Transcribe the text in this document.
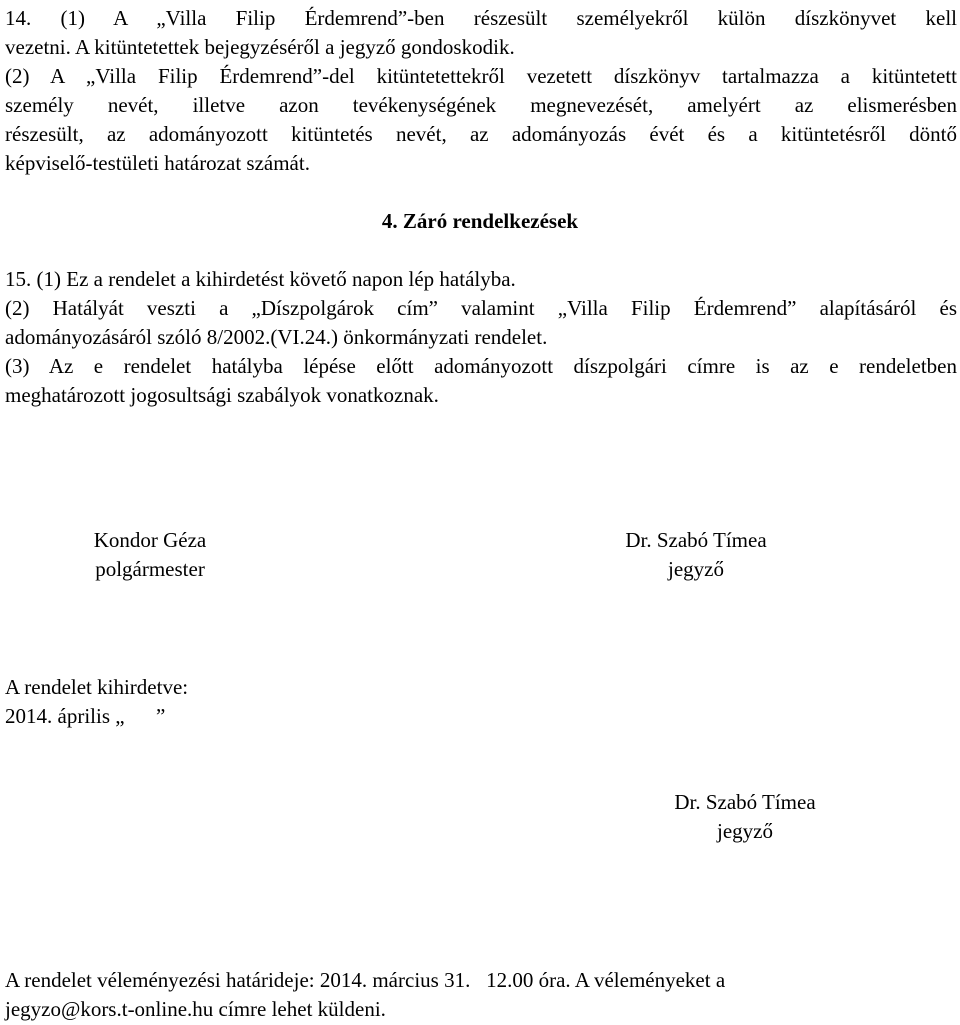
14. (1) A „Villa Filip Érdemrend”-ben részesült személyekről külön díszkönyvet kell
vezetni. A kitüntetettek bejegyzéséről a jegyző gondoskodik.
(2) A „Villa Filip Érdemrend”-del kitüntetettekről vezetett díszkönyv tartalmazza a kitüntetett
személy nevét, illetve azon tevékenységének megnevezését, amelyért az elismerésben
részesült, az adományozott kitüntetés nevét, az adományozás évét és a kitüntetésről döntő
képviselő-testületi határozat számát.
4. Záró rendelkezések
15. (1) Ez a rendelet a kihirdetést követő napon lép hatályba.
(2) Hatályát veszti a „Díszpolgárok cím” valamint „Villa Filip Érdemrend” alapításáról és
adományozásáról szóló 8/2002.(VI.24.) önkormányzati rendelet.
(3) Az e rendelet hatályba lépése előtt adományozott díszpolgári címre is az e rendeletben
meghatározott jogosultsági szabályok vonatkoznak.
Kondor Géza
polgármester
Dr. Szabó Tímea
jegyző
A rendelet kihirdetve:
2014. április „      ”
Dr. Szabó Tímea
jegyző
A rendelet véleményezési határideje: 2014. március 31.   12.00 óra. A véleményeket a
jegyzo@kors.t-online.hu címre lehet küldeni.
